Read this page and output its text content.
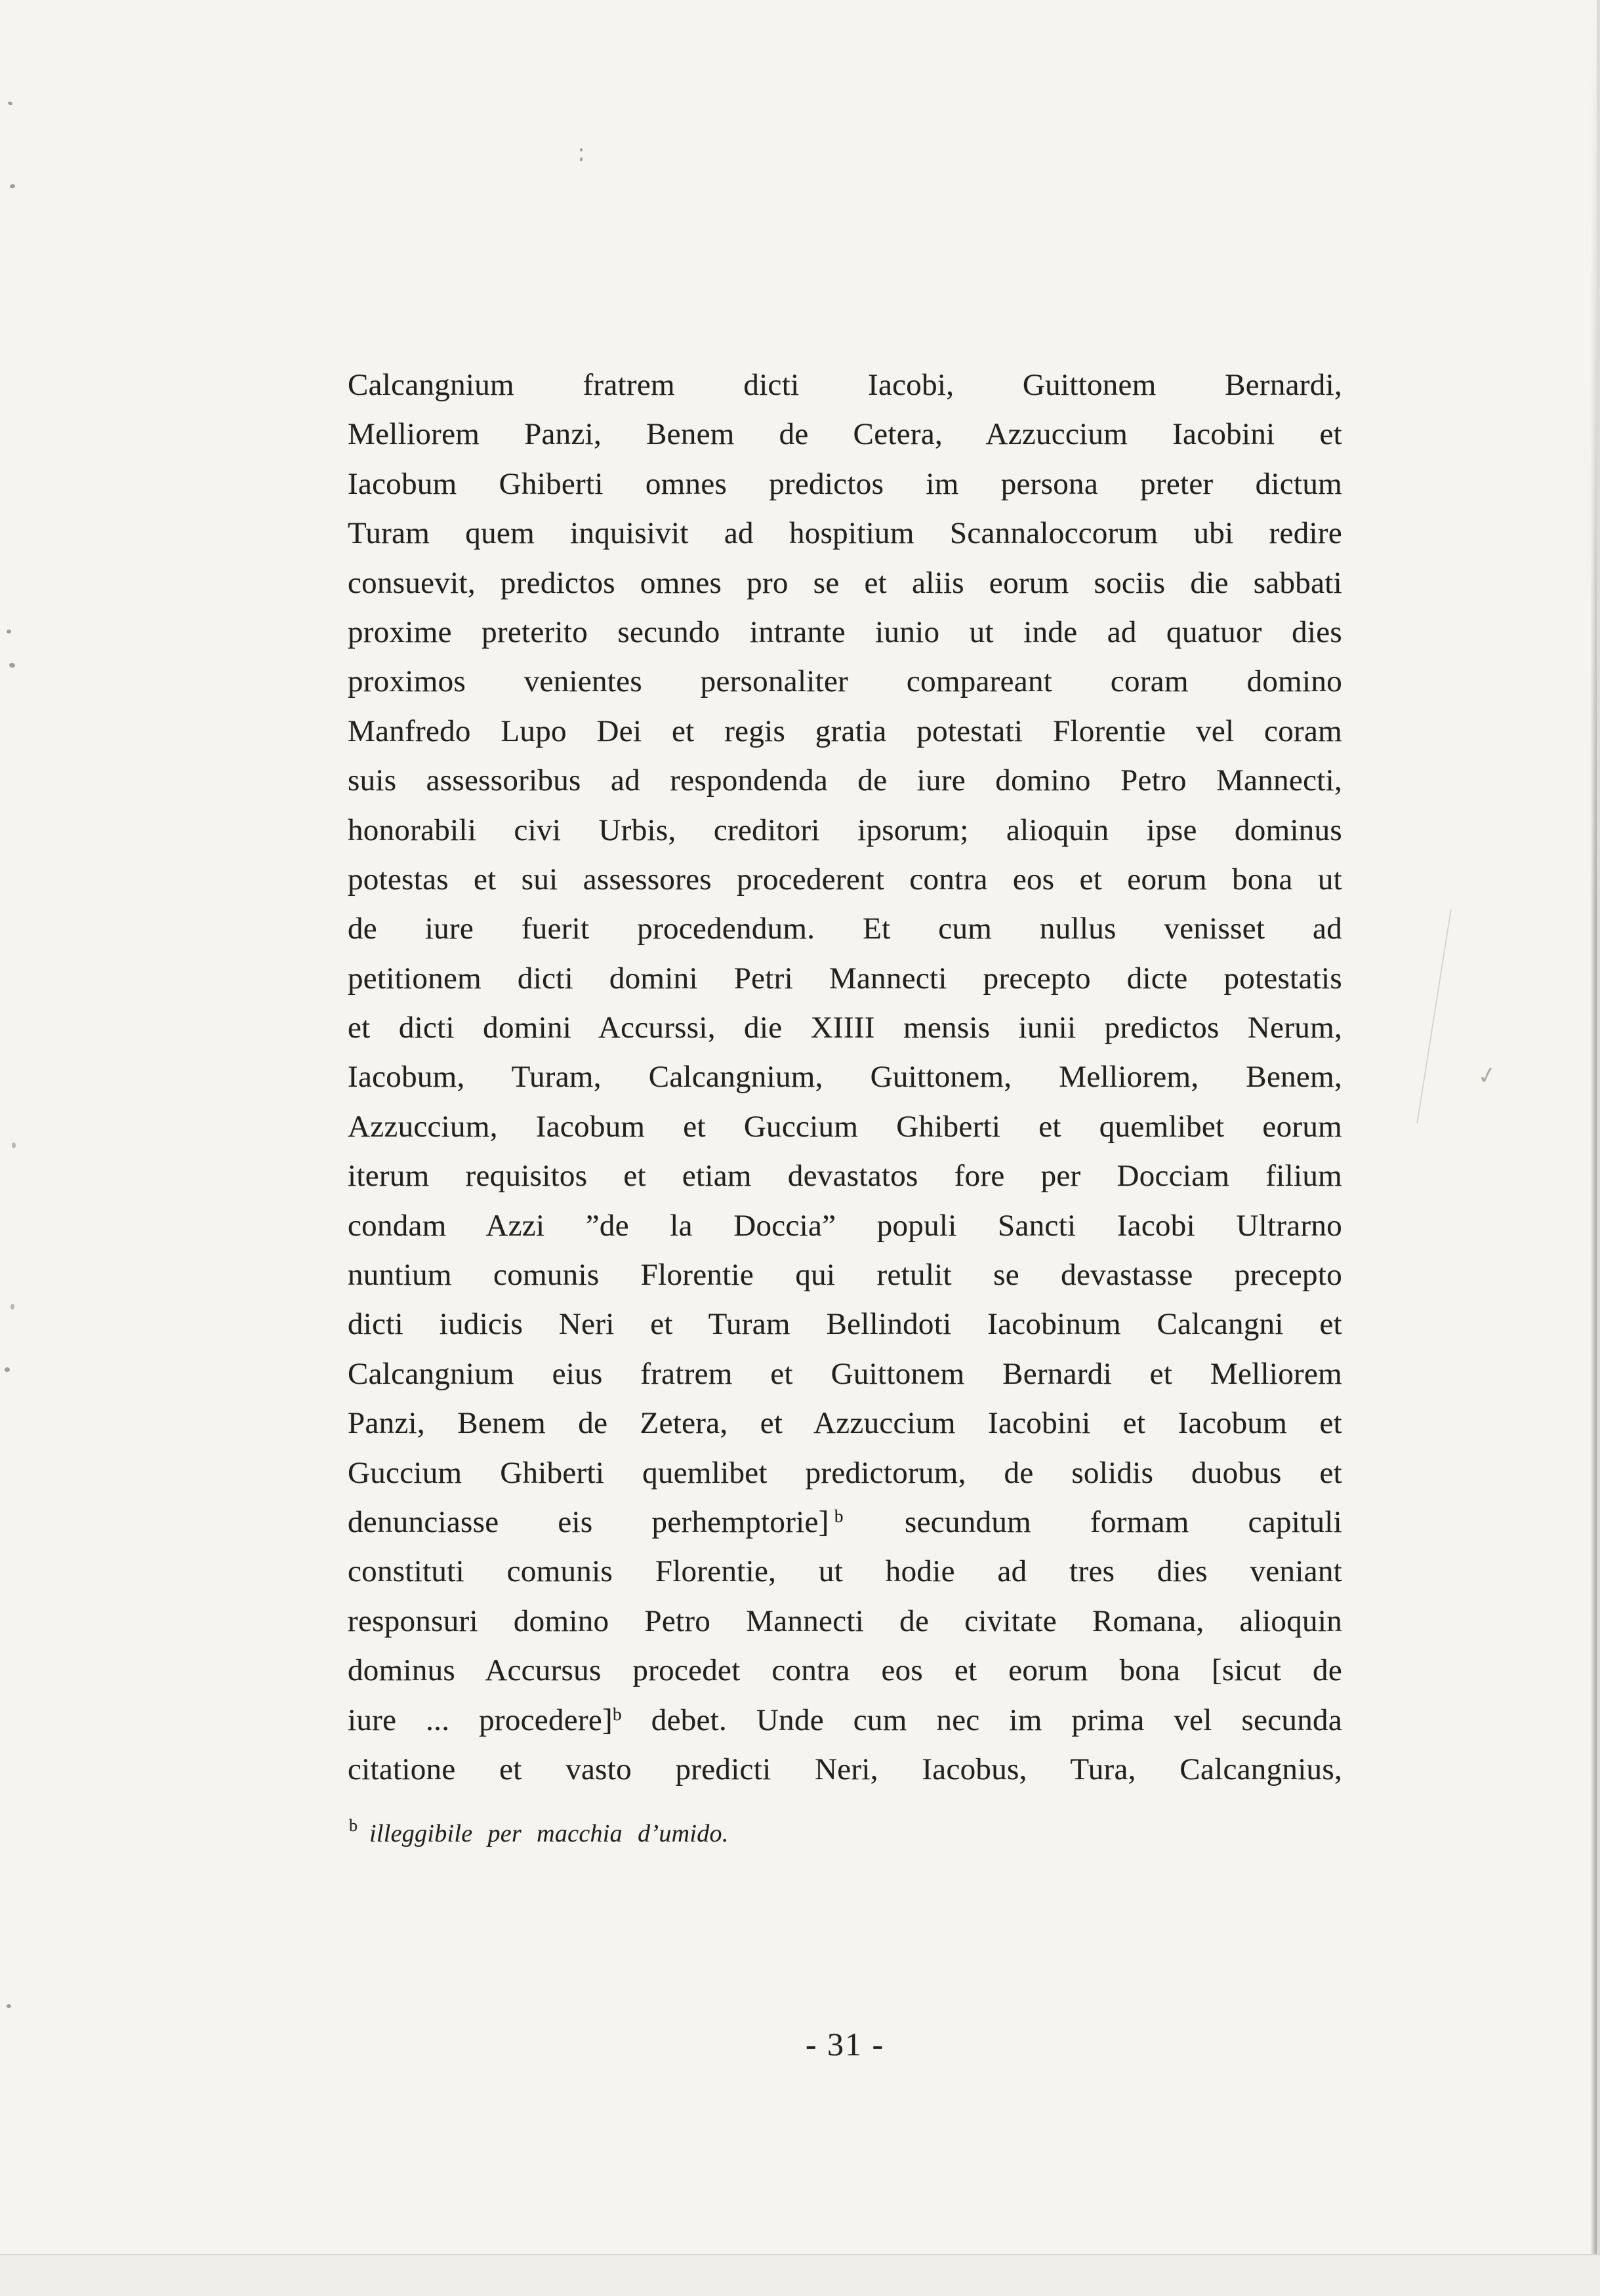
Calcangnium fratrem dicti Iacobi, Guittonem Bernardi,
Melliorem Panzi, Benem de Cetera, Azzuccium Iacobini et
Iacobum Ghiberti omnes predictos im persona preter dictum
Turam quem inquisivit ad hospitium Scannaloccorum ubi redire
consuevit, predictos omnes pro se et aliis eorum sociis die sabbati
proxime preterito secundo intrante iunio ut inde ad quatuor dies
proximos venientes personaliter compareant coram domino
Manfredo Lupo Dei et regis gratia potestati Florentie vel coram
suis assessoribus ad respondenda de iure domino Petro Mannecti,
honorabili civi Urbis, creditori ipsorum; alioquin ipse dominus
potestas et sui assessores procederent contra eos et eorum bona ut
de iure fuerit procedendum. Et cum nullus venisset ad
petitionem dicti domini Petri Mannecti precepto dicte potestatis
et dicti domini Accurssi, die XIIII mensis iunii predictos Nerum,
Iacobum, Turam, Calcangnium, Guittonem, Melliorem, Benem,
Azzuccium, Iacobum et Guccium Ghiberti et quemlibet eorum
iterum requisitos et etiam devastatos fore per Docciam filium
condam Azzi ”de la Doccia” populi Sancti Iacobi Ultrarno
nuntium comunis Florentie qui retulit se devastasse precepto
dicti iudicis Neri et Turam Bellindoti Iacobinum Calcangni et
Calcangnium eius fratrem et Guittonem Bernardi et Melliorem
Panzi, Benem de Zetera, et Azzuccium Iacobini et Iacobum et
Guccium Ghiberti quemlibet predictorum, de solidis duobus et
denunciasse eis perhemptorie] $^b$ secundum formam capituli
constituti comunis Florentie, ut hodie ad tres dies veniant
responsuri domino Petro Mannecti de civitate Romana, alioquin
dominus Accursus procedet contra eos et eorum bona [sicut de
iure ... procedere]$^b$ debet. Unde cum nec im prima vel secunda
citatione et vasto predicti Neri, Iacobus, Tura, Calcangnius,
b illeggibile per macchia d’umido.
- 31 -
✓
